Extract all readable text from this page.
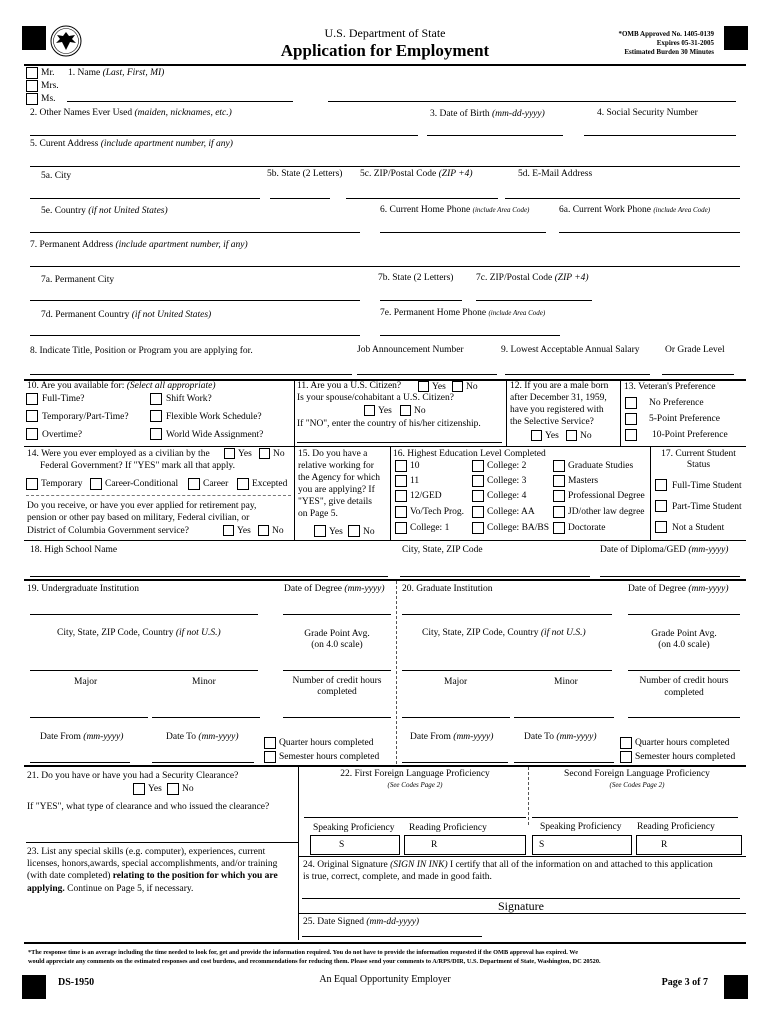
U.S. Department of State
Application for Employment
*OMB Approved No. 1405-0139
Expires 05-31-2005
Estimated Burden 30 Minutes
Mr.
Mrs.
Ms.
1. Name (Last, First, MI)
2. Other Names Ever Used (maiden, nicknames, etc.)	3. Date of Birth (mm-dd-yyyy)	4. Social Security Number
5. Curent Address (include apartment number, if any)
5a. City	5b. State (2 Letters) 5c. ZIP/Postal Code (ZIP +4)	5d. E-Mail Address
5e. Country (if not United States)	6. Current Home Phone (include Area Code)	6a. Current Work Phone (include Area Code)
7. Permanent Address (include apartment number, if any)
7a. Permanent City	7b. State (2 Letters) 7c. ZIP/Postal Code (ZIP +4)
7d. Permanent Country (if not United States)	7e. Permanent Home Phone (include Area Code)
8. Indicate Title, Position or Program you are applying for.	Job Announcement Number	9. Lowest Acceptable Annual Salary	Or Grade Level
10. Are you available for: (Select all appropriate)
Full-Time?	Shift Work?
Temporary/Part-Time?	Flexible Work Schedule?
Overtime?	World Wide Assignment?
11. Are you a U.S. Citizen?	Yes No
Is your spouse/cohabitant a U.S. Citizen?
Yes No
If "NO", enter the country of his/her citizenship.
12. If you are a male born
after December 31, 1959,
have you registered with
the Selective Service?
Yes No
13. Veteran's Preference
No Preference
5-Point Preference
10-Point Preference
14. Were you ever employed as a civilian by the	Yes No
Federal Government? If "YES" mark all that apply.
Temporary Career-Conditional	Career Excepted
Do you receive, or have you ever applied for retirement pay,
pension or other pay based on military, Federal civilian, or
District of Columbia Government service?	Yes No
15. Do you have a
relative working for
the Agency for which
you are applying? If
"YES", give details
on Page 5.
Yes No
16. Highest Education Level Completed
10
11
12/GED
Vo/Tech Prog.
College: 1
College: 2
College: 3
College: 4
College: AA
College: BA/BS
Graduate Studies
Masters
Professional Degree
JD/other law degree
Doctorate
17. Current Student
Status
Full-Time Student
Part-Time Student
Not a Student
18. High School Name	City, State, ZIP Code	Date of Diploma/GED (mm-yyyy)
19. Undergraduate Institution	Date of Degree (mm-yyyy)
City, State, ZIP Code, Country (if not U.S.)	Grade Point Avg.
(on 4.0 scale)
Major	Minor	Number of credit hours
completed
Date From (mm-yyyy)	Date To (mm-yyyy)
Quarter hours completed
Semester hours completed
20. Graduate Institution	Date of Degree (mm-yyyy)
City, State, ZIP Code, Country (if not U.S.)	Grade Point Avg.
(on 4.0 scale)
Major	Minor	Number of credit hours
completed
Date From (mm-yyyy)	Date To (mm-yyyy)
Quarter hours completed
Semester hours completed
21. Do you have or have you had a Security Clearance?
Yes No
If "YES", what type of clearance and who issued the clearance?
23. List any special skills (e.g. computer), experiences, current
licenses, honors,awards, special accomplishments, and/or training
(with date completed) relating to the position for which you are
applying. Continue on Page 5, if necessary.
22. First Foreign Language Proficiency
(See Codes Page 2)
Second Foreign Language Proficiency
(See Codes Page 2)
Speaking Proficiency Reading Proficiency	Speaking Proficiency Reading Proficiency
S	R	S	R
24. Original Signature (SIGN IN INK) I certify that all of the information on and attached to this application
is true, correct, complete, and made in good faith.
Signature
25. Date Signed (mm-dd-yyyy)
*The response time is an average including the time needed to look for, get and provide the information required. You do not have to provide the information requested if the OMB approval has expired. We
would appreciate any comments on the estimated responses and cost burdens, and recommendations for reducing them. Please send your comments to A/RPS/DIR, U.S. Department of State, Washington, DC 20520.
DS-1950	An Equal Opportunity Employer	Page 3 of 7
